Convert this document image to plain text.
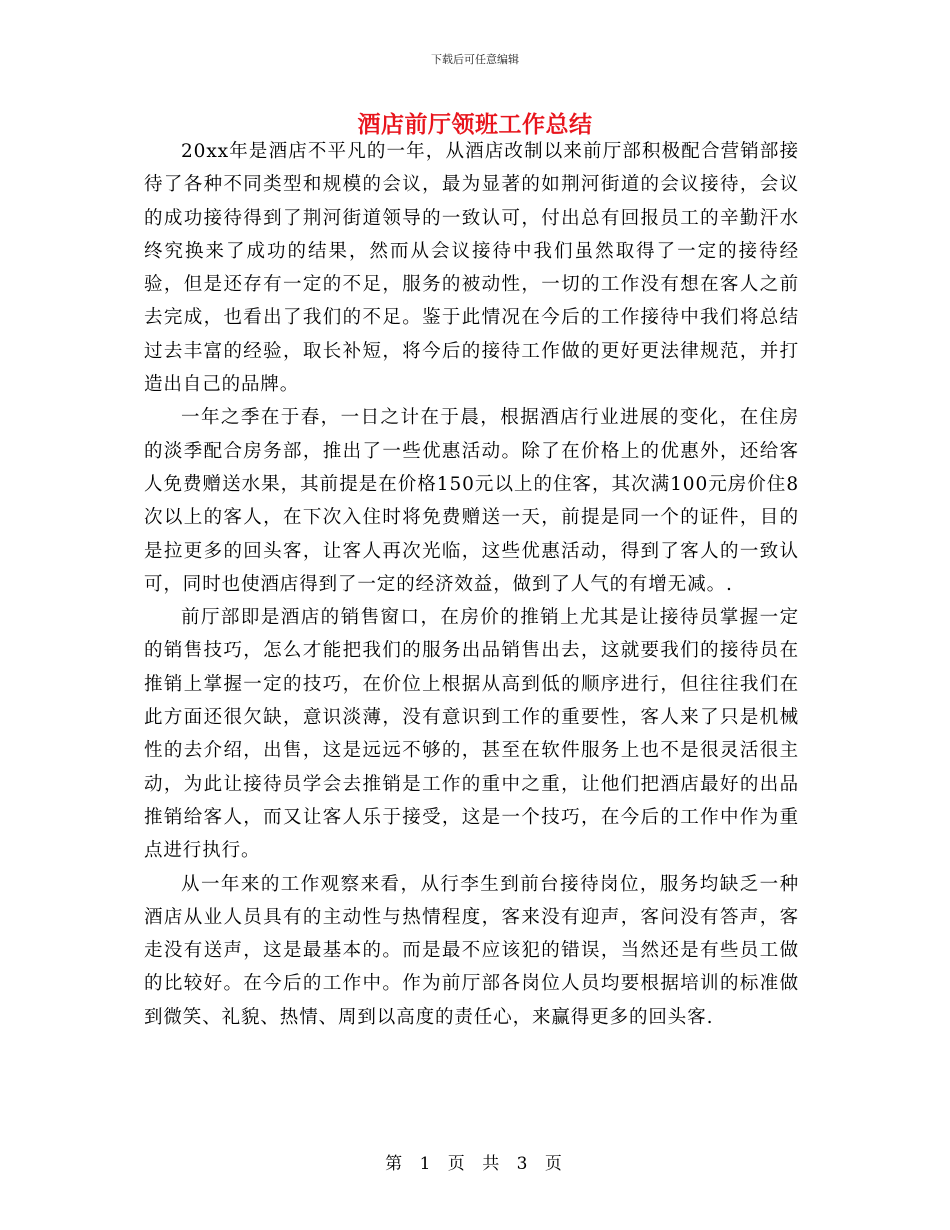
下载后可任意编辑
酒店前厅领班工作总结

20xx年是酒店不平凡的一年，从酒店改制以来前厅部积极配合营销部接待了各种不同类型和规模的会议，最为显著的如荆河街道的会议接待，会议的成功接待得到了荆河街道领导的一致认可，付出总有回报员工的辛勤汗水终究换来了成功的结果，然而从会议接待中我们虽然取得了一定的接待经验，但是还存有一定的不足，服务的被动性，一切的工作没有想在客人之前去完成，也看出了我们的不足。鉴于此情况在今后的工作接待中我们将总结过去丰富的经验，取长补短，将今后的接待工作做的更好更法律规范，并打造出自己的品牌。

一年之季在于春，一日之计在于晨，根据酒店行业进展的变化，在住房的淡季配合房务部，推出了一些优惠活动。除了在价格上的优惠外，还给客人免费赠送水果，其前提是在价格150元以上的住客，其次满100元房价住8次以上的客人，在下次入住时将免费赠送一天，前提是同一个的证件，目的是拉更多的回头客，让客人再次光临，这些优惠活动，得到了客人的一致认可，同时也使酒店得到了一定的经济效益，做到了人气的有增无减。.

前厅部即是酒店的销售窗口，在房价的推销上尤其是让接待员掌握一定的销售技巧，怎么才能把我们的服务出品销售出去，这就要我们的接待员在推销上掌握一定的技巧，在价位上根据从高到低的顺序进行，但往往我们在此方面还很欠缺，意识淡薄，没有意识到工作的重要性，客人来了只是机械性的去介绍，出售，这是远远不够的，甚至在软件服务上也不是很灵活很主动，为此让接待员学会去推销是工作的重中之重，让他们把酒店最好的出品推销给客人，而又让客人乐于接受，这是一个技巧，在今后的工作中作为重点进行执行。

从一年来的工作观察来看，从行李生到前台接待岗位，服务均缺乏一种酒店从业人员具有的主动性与热情程度，客来没有迎声，客问没有答声，客走没有送声，这是最基本的。而是最不应该犯的错误，当然还是有些员工做的比较好。在今后的工作中。作为前厅部各岗位人员均要根据培训的标准做到微笑、礼貌、热情、周到以高度的责任心，来赢得更多的回头客.

第 1 页 共 3 页
